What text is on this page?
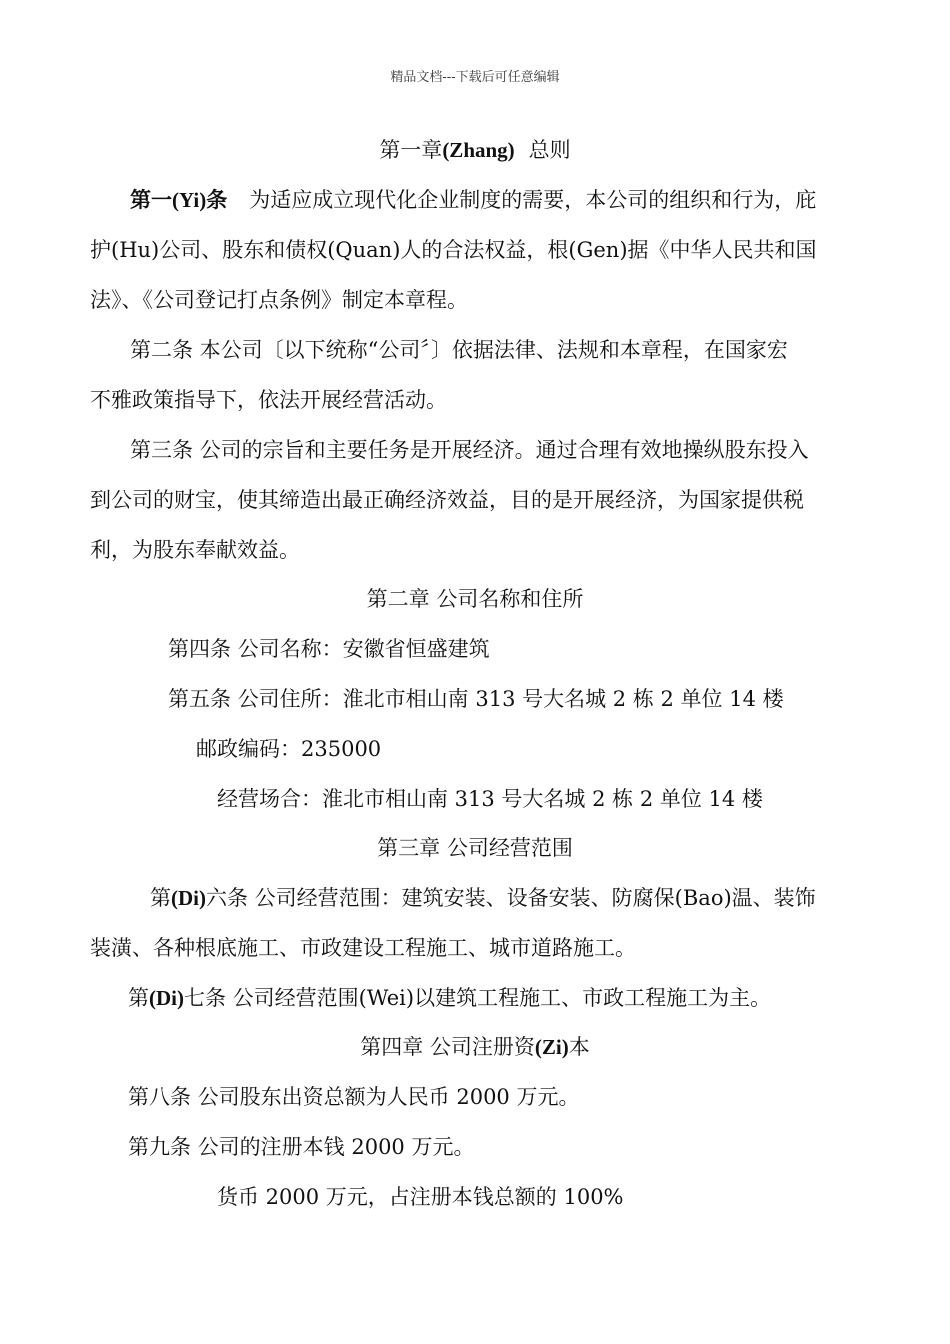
精品文档---下载后可任意编辑
第一章(Zhang) 总则
第一(Yi)条 为适应成立现代化企业制度的需要，本公司的组织和行为，庇
护(Hu)公司、股东和债权(Quan)人的合法权益，根(Gen)据《中华人民共和国
法》、《公司登记打点条例》制定本章程。
第二条 本公司〔以下统称“公司〞〕依据法律、法规和本章程，在国家宏
不雅政策指导下，依法开展经营活动。
第三条 公司的宗旨和主要任务是开展经济。通过合理有效地操纵股东投入
到公司的财宝，使其缔造出最正确经济效益，目的是开展经济，为国家提供税
利，为股东奉献效益。
第二章 公司名称和住所
第四条 公司名称：安徽省恒盛建筑
第五条 公司住所：淮北市相山南 313 号大名城 2 栋 2 单位 14 楼
邮政编码：235000
经营场合：淮北市相山南 313 号大名城 2 栋 2 单位 14 楼
第三章 公司经营范围
第(Di)六条 公司经营范围：建筑安装、设备安装、防腐保(Bao)温、装饰
装潢、各种根底施工、市政建设工程施工、城市道路施工。
第(Di)七条 公司经营范围(Wei)以建筑工程施工、市政工程施工为主。
第四章 公司注册资(Zi)本
第八条 公司股东出资总额为人民币 2000 万元。
第九条 公司的注册本钱 2000 万元。
货币 2000 万元，占注册本钱总额的 100%
